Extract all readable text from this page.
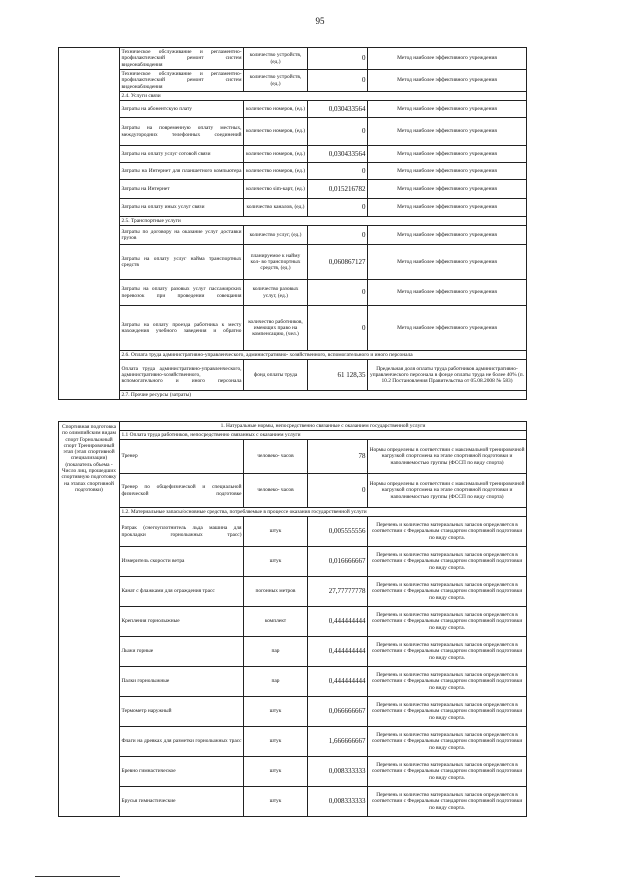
95
	Техническое обслуживание и регламентно- профилактический ремонт систем видеонаблюдения	количество устройств, (ед.)	0	Метод наиболее эффективного учреждения
	Техническое обслуживание и регламентно- профилактический ремонт систем видеонаблюдения	количество устройств, (ед.)	0	Метод наиболее эффективного учреждения
	2.4. Услуги связи			
	Затраты на абонентскую плату	количество номеров, (ед.)	0,030433564	Метод наиболее эффективного учреждения
	Затраты на повременную оплату местных, междугородних телефонных соединений	количество номеров, (ед.)	0	Метод наиболее эффективного учреждения
	Затраты на оплату услуг сотовой связи	количество номеров, (ед.)	0,030433564	Метод наиболее эффективного учреждения
	Затраты на Интернет для планшетного компьютера	количество номеров, (ед.)	0	Метод наиболее эффективного учреждения
	Затраты на Интернет	количество sim-карт, (ед.)	0,015216782	Метод наиболее эффективного учреждения
	Затраты на оплату иных услуг связи	количество каналов, (ед.)	0	Метод наиболее эффективного учреждения
	2.5. Транспортные услуги			
	Затраты по договору на оказание услуг доставки грузов	количество услуг, (ед.)	0	Метод наиболее эффективного учреждения
	Затраты на оплату услуг найма транспортных средств	планируемое к найму кол- во транспортных средств, (ед.)	0,060867127	Метод наиболее эффективного учреждения
	Затраты на оплату разовых услуг пассажирских перевозок при проведении совещания	количество разовых услуг, (ед.)	0	Метод наиболее эффективного учреждения
	Затраты на оплату проезда работника к месту нахождения учебного заведения и обратно	количество работников, имеющих право на компенсацию, (чел.)	0	Метод наиболее эффективного учреждения
	2.6. Оплата труда административно-управленческого, административно- хозяйственного, вспомогательного и иного персонала			
	Оплата труда административно-управленческого, административно-хозяйственного, вспомогательного и иного персонала	фонд оплаты труда	61 128,35	Предельная доля оплаты труда работников административно- управленческого персонала в фонде оплаты труда не более 40% (п. 10.2 Постановления Правительства от 05.08.2008 № 583)
	2.7. Прочие ресурсы (затраты)			
Спортивная подготовка по олимпийским видам спорт Горнолыжный спорт Тренировочный этап (этап спортивной специализации) (показатель объема - Число лиц, прошедших спортивную подготовку на этапах спортивной подготовки)	1. Натуральные нормы, непосредственно связанные с оказанием государственной услуги			
	1.1 Оплата труда работников, непосредственно связанных с оказанием услуги			
	Тренер	человеко- часов	78	Нормы определены в соответствии с максимальной тренировочной нагрузкой спортсмена на этапе спортивной подготовки и наполняемостью группы (ФССП по виду спорта)
	Тренер по общефизической и специальной физической подготовке	человеко- часов	0	Нормы определены в соответствии с максимальной тренировочной нагрузкой спортсмена на этапе спортивной подготовки и наполняемостью группы (ФССП по виду спорта)
	1.2. Материальные запасы/основные средства, потребляемые в процессе оказания государственной услуги			
	Ратрак (снегоуплотнитель льда машина для прокладки горнолыжных трасс)	штук	0,005555556	Перечень и количество материальных запасов определяется в соответствии с Федеральным стандартом спортивной подготовки по виду спорта.
	Измеритель скорости ветра	штук	0,016666667	Перечень и количество материальных запасов определяется в соответствии с Федеральным стандартом спортивной подготовки по виду спорта.
	Канат с флажками для ограждения трасс	погонных метров	27,77777778	Перечень и количество материальных запасов определяется в соответствии с Федеральным стандартом спортивной подготовки по виду спорта.
	Крепления горнолыжные	комплект	0,444444444	Перечень и количество материальных запасов определяется в соответствии с Федеральным стандартом спортивной подготовки по виду спорта.
	Лыжи горные	пар	0,444444444	Перечень и количество материальных запасов определяется в соответствии с Федеральным стандартом спортивной подготовки по виду спорта.
	Палки горнолыжные	пар	0,444444444	Перечень и количество материальных запасов определяется в соответствии с Федеральным стандартом спортивной подготовки по виду спорта.
	Термометр наружный	штук	0,066666667	Перечень и количество материальных запасов определяется в соответствии с Федеральным стандартом спортивной подготовки по виду спорта.
	Флаги на древках для разметки горнолыжных трасс	штук	1,666666667	Перечень и количество материальных запасов определяется в соответствии с Федеральным стандартом спортивной подготовки по виду спорта.
	Бревно гимнастическое	штук	0,008333333	Перечень и количество материальных запасов определяется в соответствии с Федеральным стандартом спортивной подготовки по виду спорта.
	Брусья гимнастические	штук	0,008333333	Перечень и количество материальных запасов определяется в соответствии с Федеральным стандартом спортивной подготовки по виду спорта.
